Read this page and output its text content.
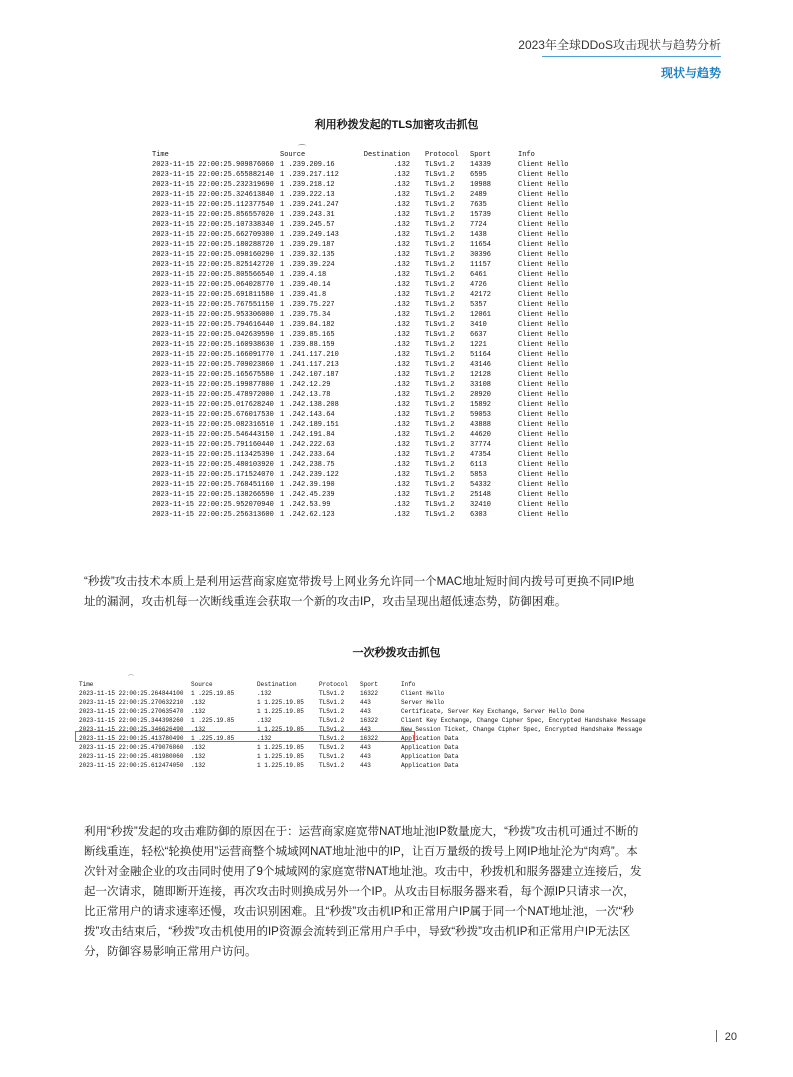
2023年全球DDoS攻击现状与趋势分析
现状与趋势
利用秒拨发起的TLS加密攻击抓包
Time	Source	Destination Protocol Sport	Info
2023-11-15 22:00:25.909876060 1 .239.209.16	.132 TLSv1.2 14339	Client Hello
2023-11-15 22:00:25.655882140 1 .239.217.112	.132 TLSv1.2 6595	Client Hello
2023-11-15 22:00:25.232319690 1 .239.218.12	.132 TLSv1.2 10988	Client Hello
2023-11-15 22:00:25.324613840 1 .239.222.13	.132 TLSv1.2 2489	Client Hello
2023-11-15 22:00:25.112377540 1 .239.241.247	.132 TLSv1.2 7635	Client Hello
2023-11-15 22:00:25.856557020 1 .239.243.31	.132 TLSv1.2 15739	Client Hello
2023-11-15 22:00:25.107338340 1 .239.245.57	.132 TLSv1.2 7724	Client Hello
2023-11-15 22:00:25.662709300 1 .239.249.143	.132 TLSv1.2 1438	Client Hello
2023-11-15 22:00:25.180288720 1 .239.29.187	.132 TLSv1.2 11654	Client Hello
2023-11-15 22:00:25.098160290 1 .239.32.135	.132 TLSv1.2 30396	Client Hello
2023-11-15 22:00:25.825142720 1 .239.39.224	.132 TLSv1.2 11157	Client Hello
2023-11-15 22:00:25.805566540 1 .239.4.18	.132 TLSv1.2 6461	Client Hello
2023-11-15 22:00:25.064028770 1 .239.40.14	.132 TLSv1.2 4726	Client Hello
2023-11-15 22:00:25.691811580 1 .239.41.8	.132 TLSv1.2 42172	Client Hello
2023-11-15 22:00:25.767551150 1 .239.75.227	.132 TLSv1.2 5357	Client Hello
2023-11-15 22:00:25.953306000 1 .239.75.34	.132 TLSv1.2 12061	Client Hello
2023-11-15 22:00:25.794616440 1 .239.84.182	.132 TLSv1.2 3410	Client Hello
2023-11-15 22:00:25.042639590 1 .239.85.165	.132 TLSv1.2 6637	Client Hello
2023-11-15 22:00:25.160938630 1 .239.88.159	.132 TLSv1.2 1221	Client Hello
2023-11-15 22:00:25.166091770 1 .241.117.210	.132 TLSv1.2 51164	Client Hello
2023-11-15 22:00:25.709023860 1 .241.117.213	.132 TLSv1.2 43146	Client Hello
2023-11-15 22:00:25.165675580 1 .242.107.187	.132 TLSv1.2 12128	Client Hello
2023-11-15 22:00:25.199877800 1 .242.12.29	.132 TLSv1.2 33108	Client Hello
2023-11-15 22:00:25.478972000 1 .242.13.78	.132 TLSv1.2 28920	Client Hello
2023-11-15 22:00:25.017628240 1 .242.138.208	.132 TLSv1.2 15892	Client Hello
2023-11-15 22:00:25.676017530 1 .242.143.64	.132 TLSv1.2 59053	Client Hello
2023-11-15 22:00:25.082316510 1 .242.189.151	.132 TLSv1.2 43888	Client Hello
2023-11-15 22:00:25.546443150 1 .242.191.84	.132 TLSv1.2 44620	Client Hello
2023-11-15 22:00:25.791160440 1 .242.222.63	.132 TLSv1.2 37774	Client Hello
2023-11-15 22:00:25.113425390 1 .242.233.64	.132 TLSv1.2 47354	Client Hello
2023-11-15 22:00:25.480103920 1 .242.238.75	.132 TLSv1.2 6113	Client Hello
2023-11-15 22:00:25.171524070 1 .242.239.122	.132 TLSv1.2 5853	Client Hello
2023-11-15 22:00:25.768451160 1 .242.39.190	.132 TLSv1.2 54332	Client Hello
2023-11-15 22:00:25.138266590 1 .242.45.239	.132 TLSv1.2 25148	Client Hello
2023-11-15 22:00:25.952070940 1 .242.53.99	.132 TLSv1.2 32410	Client Hello
2023-11-15 22:00:25.256313600 1 .242.62.123	.132 TLSv1.2 6303	Client Hello
⌒
“秒拨”攻击技术本质上是利用运营商家庭宽带拨号上网业务允许同一个MAC地址短时间内拨号可更换不同IP地址的漏洞，攻击机每一次断线重连会获取一个新的攻击IP，攻击呈现出超低速态势，防御困难。
一次秒拨攻击抓包
Time	Source	Destination	Protocol Sport	Info
2023-11-15 22:00:25.264844100 1 .225.19.85	.132	TLSv1.2	16322	Client Hello
2023-11-15 22:00:25.270632210 .132	1 1.225.19.85	TLSv1.2	443	Server Hello
2023-11-15 22:00:25.270635470 .132	1 1.225.19.85	TLSv1.2	443	Certificate, Server Key Exchange, Server Hello Done
2023-11-15 22:00:25.344398260 1 .225.19.85	.132	TLSv1.2	16322	Client Key Exchange, Change Cipher Spec, Encrypted Handshake Message
2023-11-15 22:00:25.346626490 .132	1 1.225.19.85	TLSv1.2	443	New Session Ticket, Change Cipher Spec, Encrypted Handshake Message
2023-11-15 22:00:25.413780490 1 .225.19.85	.132	TLSv1.2	16322	Application Data
2023-11-15 22:00:25.479076860 .132	1 1.225.19.85	TLSv1.2	443	Application Data
2023-11-15 22:00:25.481980060 .132	1 1.225.19.85	TLSv1.2	443	Application Data
2023-11-15 22:00:25.612474050 .132	1 1.225.19.85	TLSv1.2	443	Application Data
⌒
利用“秒拨”发起的攻击难防御的原因在于：运营商家庭宽带NAT地址池IP数量庞大，“秒拨”攻击机可通过不断的断线重连，轻松“轮换使用”运营商整个城域网NAT地址池中的IP，让百万量级的拨号上网IP地址沦为“肉鸡”。本次针对金融企业的攻击同时使用了9个城域网的家庭宽带NAT地址池。攻击中，秒拨机和服务器建立连接后，发起一次请求，随即断开连接，再次攻击时则换成另外一个IP。从攻击目标服务器来看，每个源IP只请求一次，比正常用户的请求速率还慢，攻击识别困难。且“秒拨”攻击机IP和正常用户IP属于同一个NAT地址池，一次“秒拨”攻击结束后，“秒拨”攻击机使用的IP资源会流转到正常用户手中，导致“秒拨”攻击机IP和正常用户IP无法区分，防御容易影响正常用户访问。
20
